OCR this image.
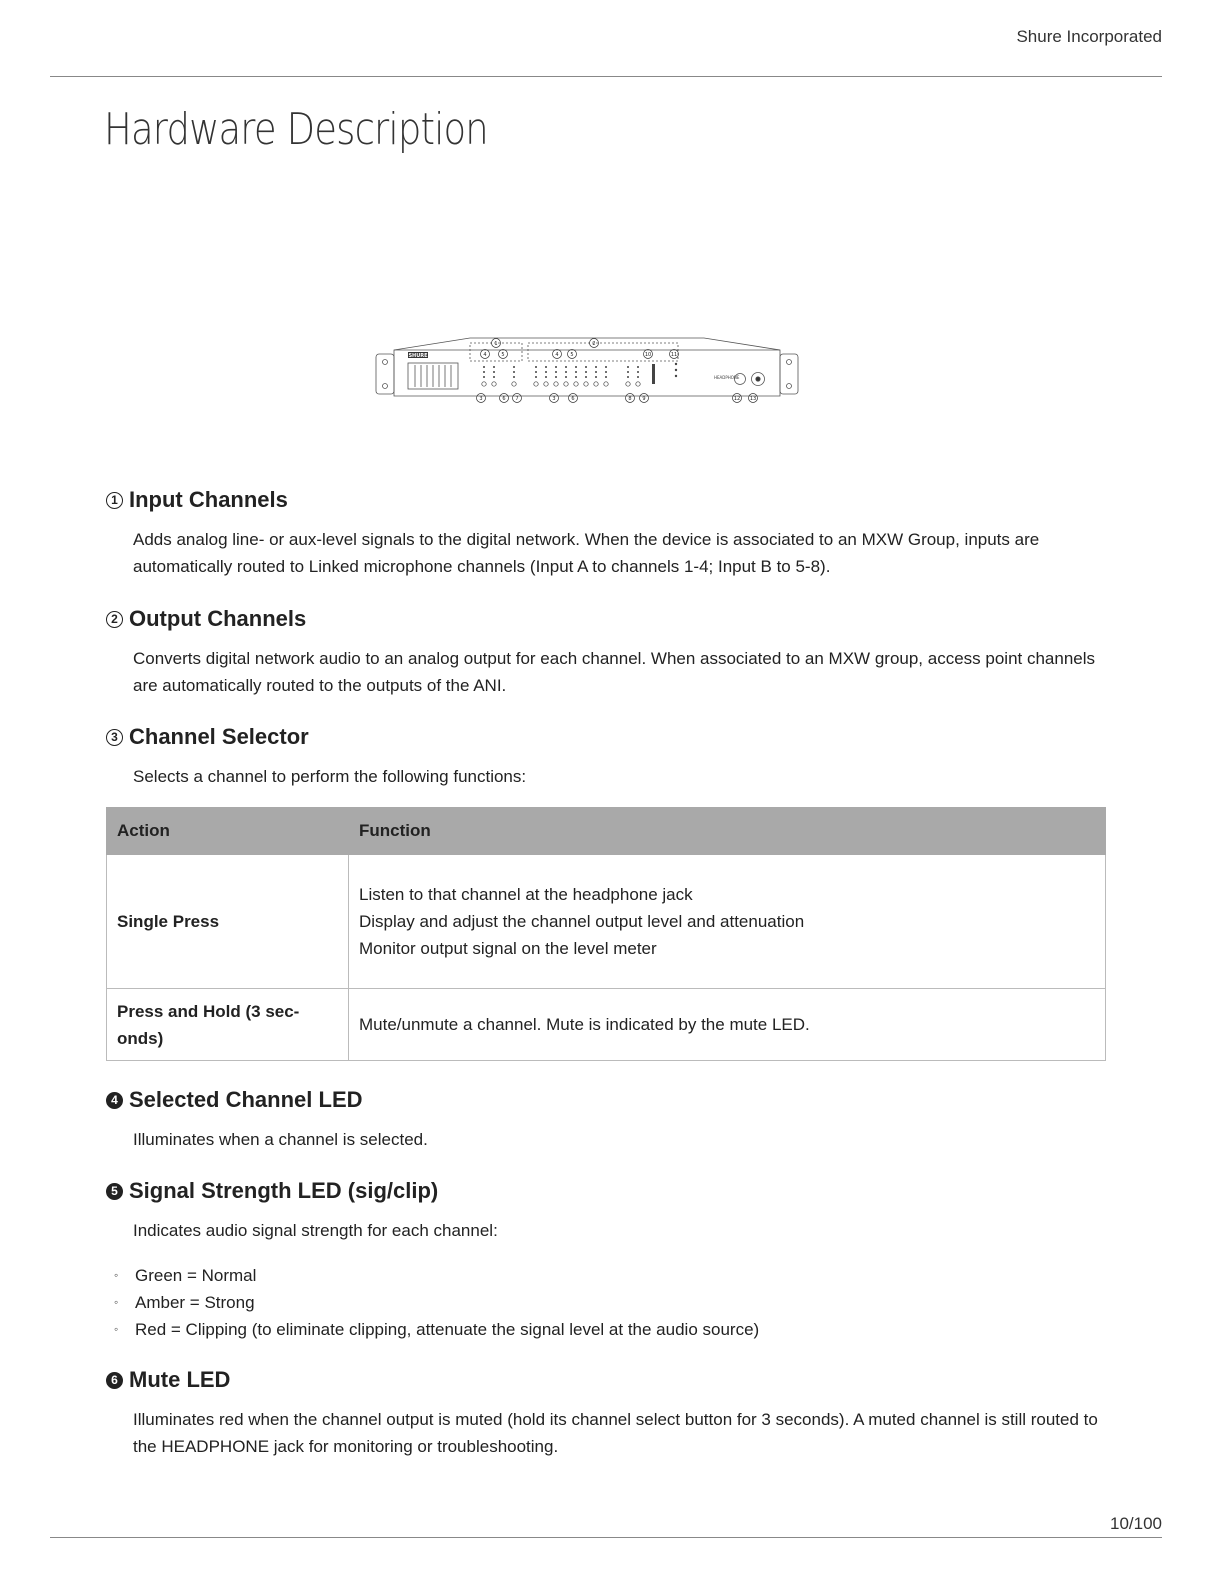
Shure Incorporated
Hardware Description
SHURE
HEADPHONE
1	2
4	5	4 5	10	11
3	6 7	3	6	8 9	12 13
1 Input Channels

Adds analog line- or aux-level signals to the digital network. When the device is associated to an MXW Group, inputs are automatically routed to Linked microphone channels (Input A to channels 1-4; Input B to 5-8).

2 Output Channels

Converts digital network audio to an analog output for each channel. When associated to an MXW group, access point channels are automatically routed to the outputs of the ANI.

3 Channel Selector

Selects a channel to perform the following functions:

Action	Function
Single Press	Listen to that channel at the headphone jack
Display and adjust the channel output level and attenuation
Monitor output signal on the level meter

Press and Hold (3 sec-
onds)	Mute/unmute a channel. Mute is indicated by the mute LED.
4 Selected Channel LED

Illuminates when a channel is selected.

5 Signal Strength LED (sig/clip)

Indicates audio signal strength for each channel:

◦ Green = Normal
◦ Amber = Strong
◦ Red = Clipping (to eliminate clipping, attenuate the signal level at the audio source)
6 Mute LED

Illuminates red when the channel output is muted (hold its channel select button for 3 seconds). A muted channel is still routed to the HEADPHONE jack for monitoring or troubleshooting.

10/100
